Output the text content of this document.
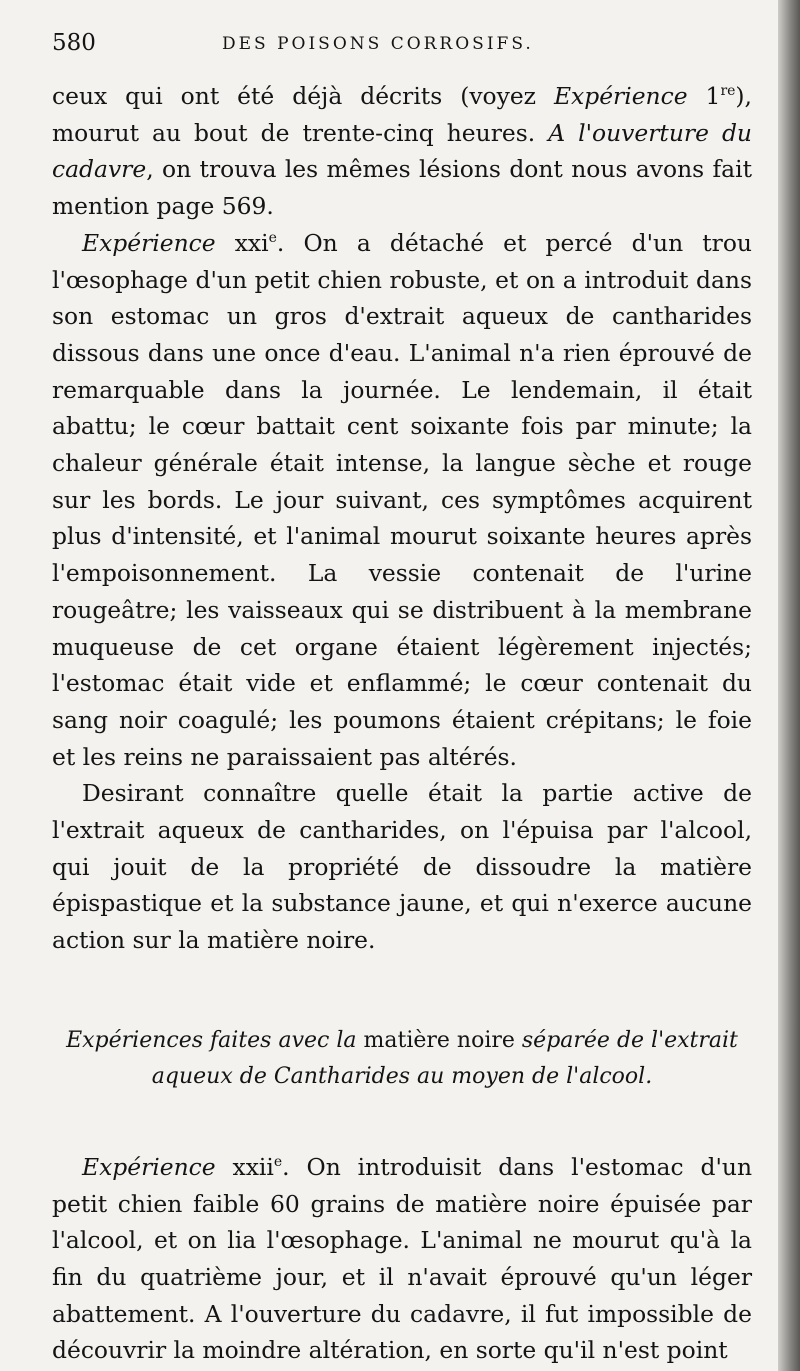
580	DES POISONS CORROSIFS.

ceux qui ont été déjà décrits (voyez Expérience 1re), mourut au bout de trente-cinq heures. A l'ouverture du cadavre, on trouva les mêmes lésions dont nous avons fait mention page 569.

Expérience xxi$^e$. On a détaché et percé d'un trou l'œsophage d'un petit chien robuste, et on a introduit dans son estomac un gros d'extrait aqueux de cantharides dissous dans une once d'eau. L'animal n'a rien éprouvé de remarquable dans la journée. Le lendemain, il était abattu; le cœur battait cent soixante fois par minute; la chaleur générale était intense, la langue sèche et rouge sur les bords. Le jour suivant, ces symptômes acquirent plus d'intensité, et l'animal mourut soixante heures après l'empoisonnement. La vessie contenait de l'urine rougeâtre; les vaisseaux qui se distribuent à la membrane muqueuse de cet organe étaient légèrement injectés; l'estomac était vide et enflammé; le cœur contenait du sang noir coagulé; les poumons étaient crépitans; le foie et les reins ne paraissaient pas altérés.

Desirant connaître quelle était la partie active de l'extrait aqueux de cantharides, on l'épuisa par l'alcool, qui jouit de la propriété de dissoudre la matière épispastique et la substance jaune, et qui n'exerce aucune action sur la matière noire.

Expériences faites avec la matière noire séparée de l'extrait
aqueux de Cantharides au moyen de l'alcool.

Expérience xxii$^e$. On introduisit dans l'estomac d'un petit chien faible 60 grains de matière noire épuisée par l'alcool, et on lia l'œsophage. L'animal ne mourut qu'à la fin du quatrième jour, et il n'avait éprouvé qu'un léger abattement. A l'ouverture du cadavre, il fut impossible de découvrir la moindre altération, en sorte qu'il n'est point
